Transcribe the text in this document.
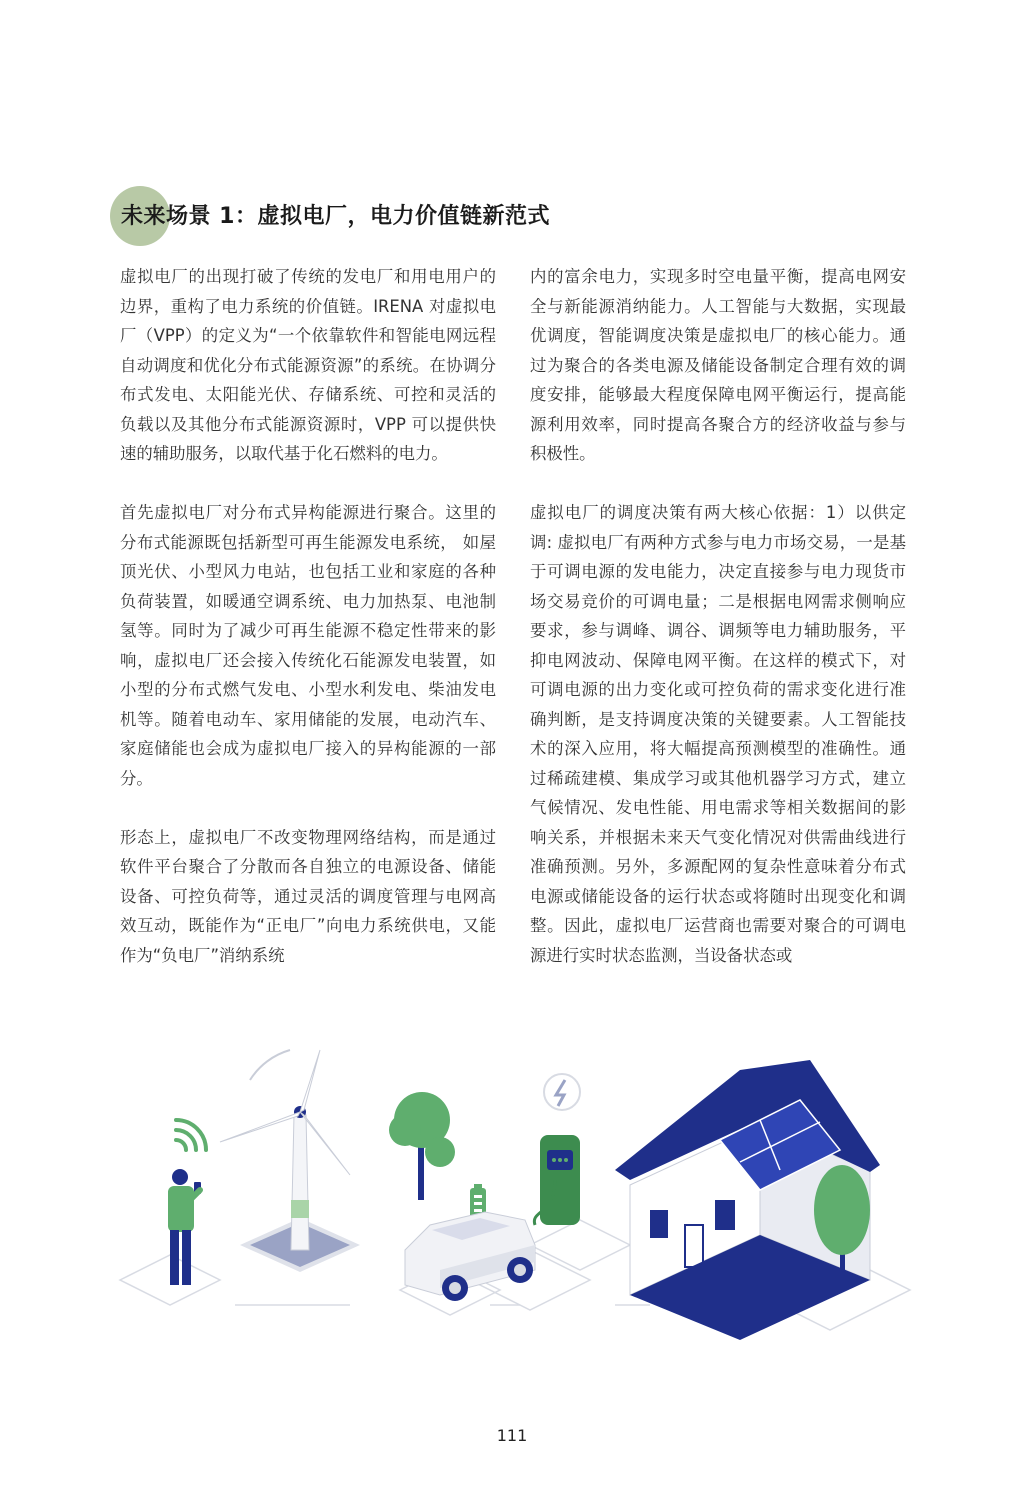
未来场景 1：虚拟电厂，电力价值链新范式

虚拟电厂的出现打破了传统的发电厂和用电用户的边界，重构了电力系统的价值链。IRENA 对虚拟电厂（VPP）的定义为“一个依靠软件和智能电网远程自动调度和优化分布式能源资源”的系统。在协调分布式发电、太阳能光伏、存储系统、可控和灵活的负载以及其他分布式能源资源时，VPP 可以提供快速的辅助服务，以取代基于化石燃料的电力。

首先虚拟电厂对分布式异构能源进行聚合。这里的分布式能源既包括新型可再生能源发电系统， 如屋顶光伏、小型风力电站，也包括工业和家庭的各种负荷装置，如暖通空调系统、电力加热泵、电池制氢等。同时为了减少可再生能源不稳定性带来的影响，虚拟电厂还会接入传统化石能源发电装置，如小型的分布式燃气发电、小型水利发电、柴油发电机等。随着电动车、家用储能的发展，电动汽车、家庭储能也会成为虚拟电厂接入的异构能源的一部分。

形态上，虚拟电厂不改变物理网络结构，而是通过软件平台聚合了分散而各自独立的电源设备、储能设备、可控负荷等，通过灵活的调度管理与电网高效互动，既能作为“正电厂”向电力系统供电，又能作为“负电厂”消纳系统

内的富余电力，实现多时空电量平衡，提高电网安全与新能源消纳能力。人工智能与大数据，实现最优调度，智能调度决策是虚拟电厂的核心能力。通过为聚合的各类电源及储能设备制定合理有效的调度安排，能够最大程度保障电网平衡运行，提高能源利用效率，同时提高各聚合方的经济收益与参与积极性。

虚拟电厂的调度决策有两大核心依据：1）以供定调: 虚拟电厂有两种方式参与电力市场交易，一是基于可调电源的发电能力，决定直接参与电力现货市场交易竞价的可调电量；二是根据电网需求侧响应要求，参与调峰、调谷、调频等电力辅助服务，平抑电网波动、保障电网平衡。在这样的模式下，对可调电源的出力变化或可控负荷的需求变化进行准确判断，是支持调度决策的关键要素。人工智能技术的深入应用，将大幅提高预测模型的准确性。通过稀疏建模、集成学习或其他机器学习方式，建立气候情况、发电性能、用电需求等相关数据间的影响关系，并根据未来天气变化情况对供需曲线进行准确预测。另外，多源配网的复杂性意味着分布式电源或储能设备的运行状态或将随时出现变化和调整。因此，虚拟电厂运营商也需要对聚合的可调电源进行实时状态监测，当设备状态或

111
